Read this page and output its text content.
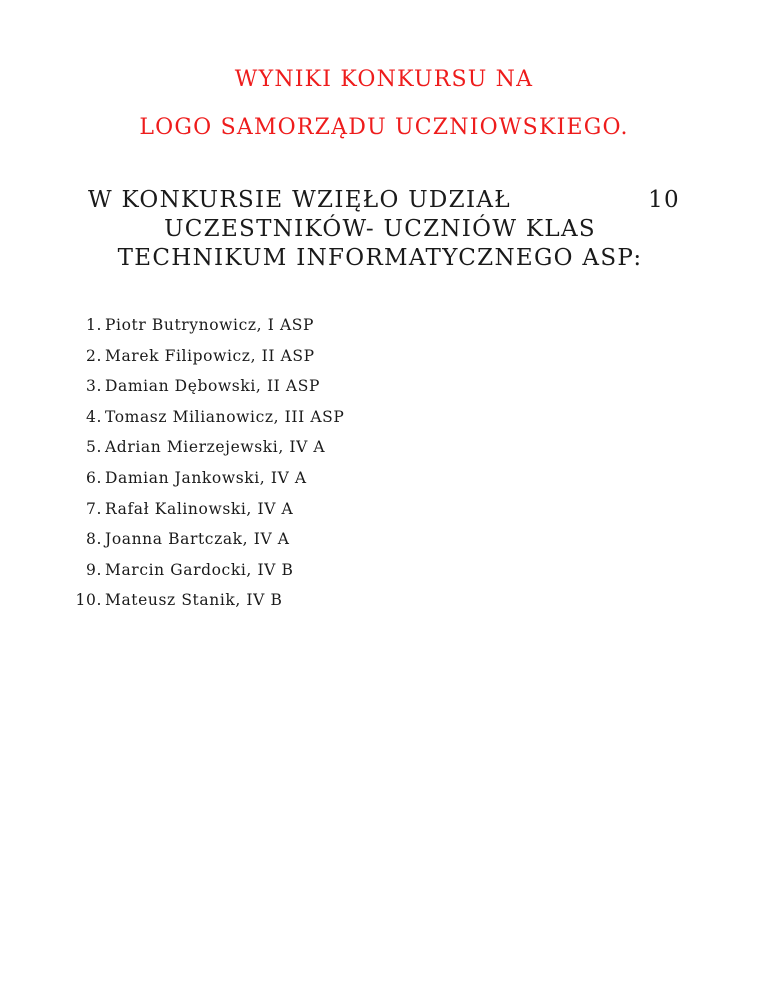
WYNIKI KONKURSU NA
LOGO SAMORZĄDU UCZNIOWSKIEGO.
W KONKURSIE WZIĘŁO UDZIAŁ	10
UCZESTNIKÓW- UCZNIÓW KLAS
TECHNIKUM INFORMATYCZNEGO ASP:
1. Piotr Butrynowicz, I ASP
2. Marek Filipowicz, II ASP
3. Damian Dębowski, II ASP
4. Tomasz Milianowicz, III ASP
5. Adrian Mierzejewski, IV A
6. Damian Jankowski, IV A
7. Rafał Kalinowski, IV A
8. Joanna Bartczak, IV A
9. Marcin Gardocki, IV B
10. Mateusz Stanik, IV B
